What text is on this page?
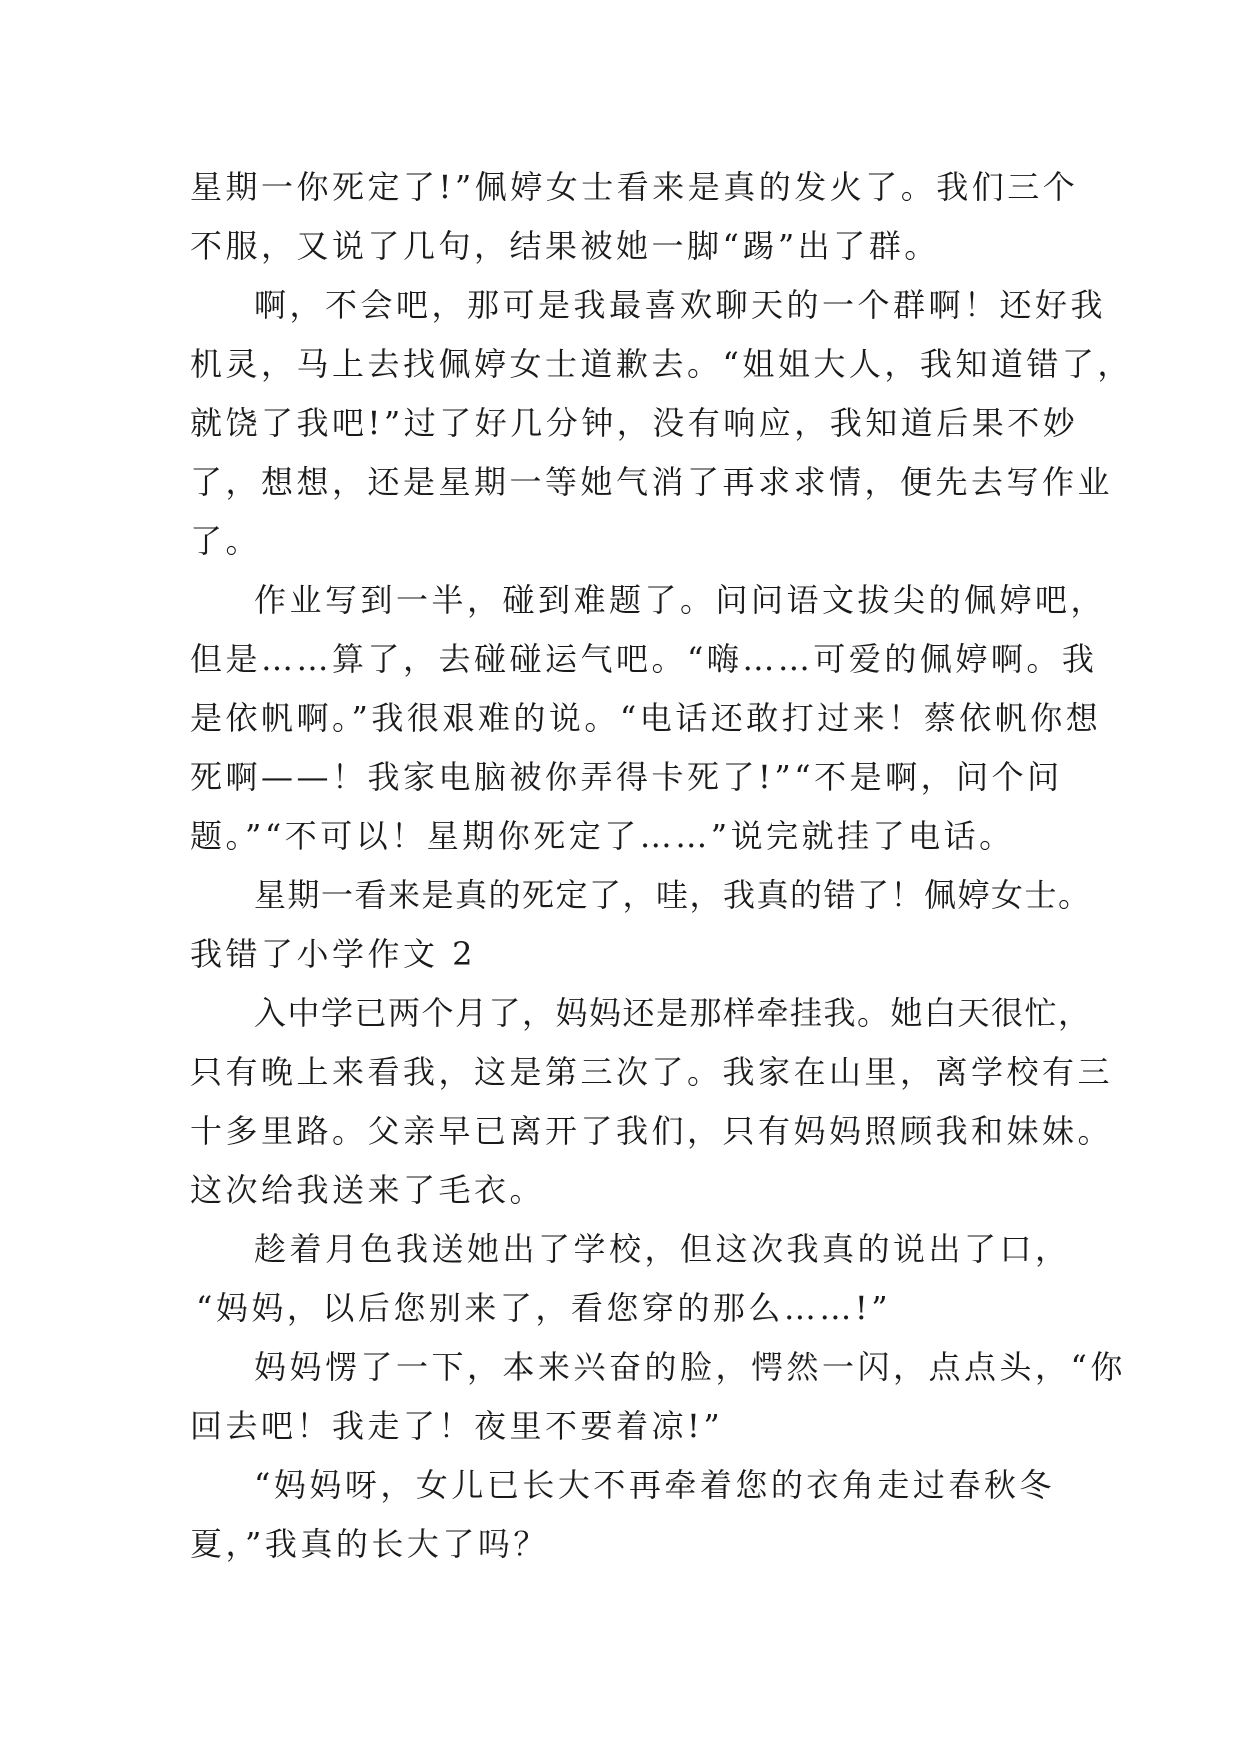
星期一你死定了!”佩婷女士看来是真的发火了。我们三个
不服，又说了几句，结果被她一脚“踢”出了群。
啊，不会吧，那可是我最喜欢聊天的一个群啊！还好我
机灵，马上去找佩婷女士道歉去。“姐姐大人，我知道错了，
就饶了我吧!”过了好几分钟，没有响应，我知道后果不妙
了，想想，还是星期一等她气消了再求求情，便先去写作业
了。
作业写到一半，碰到难题了。问问语文拔尖的佩婷吧，
但是……算了，去碰碰运气吧。“嗨……可爱的佩婷啊。我
是依帆啊。”我很艰难的说。“电话还敢打过来！蔡依帆你想
死啊——！我家电脑被你弄得卡死了!”“不是啊，问个问
题。”“不可以！星期你死定了……”说完就挂了电话。
星期一看来是真的死定了，哇，我真的错了！佩婷女士。
我错了小学作文 2
入中学已两个月了，妈妈还是那样牵挂我。她白天很忙，
只有晚上来看我，这是第三次了。我家在山里，离学校有三
十多里路。父亲早已离开了我们，只有妈妈照顾我和妹妹。
这次给我送来了毛衣。
趁着月色我送她出了学校，但这次我真的说出了口，
“妈妈，以后您别来了，看您穿的那么……!”
妈妈愣了一下，本来兴奋的脸，愕然一闪，点点头，“你
回去吧！我走了！夜里不要着凉!”
“妈妈呀，女儿已长大不再牵着您的衣角走过春秋冬
夏，”我真的长大了吗？
